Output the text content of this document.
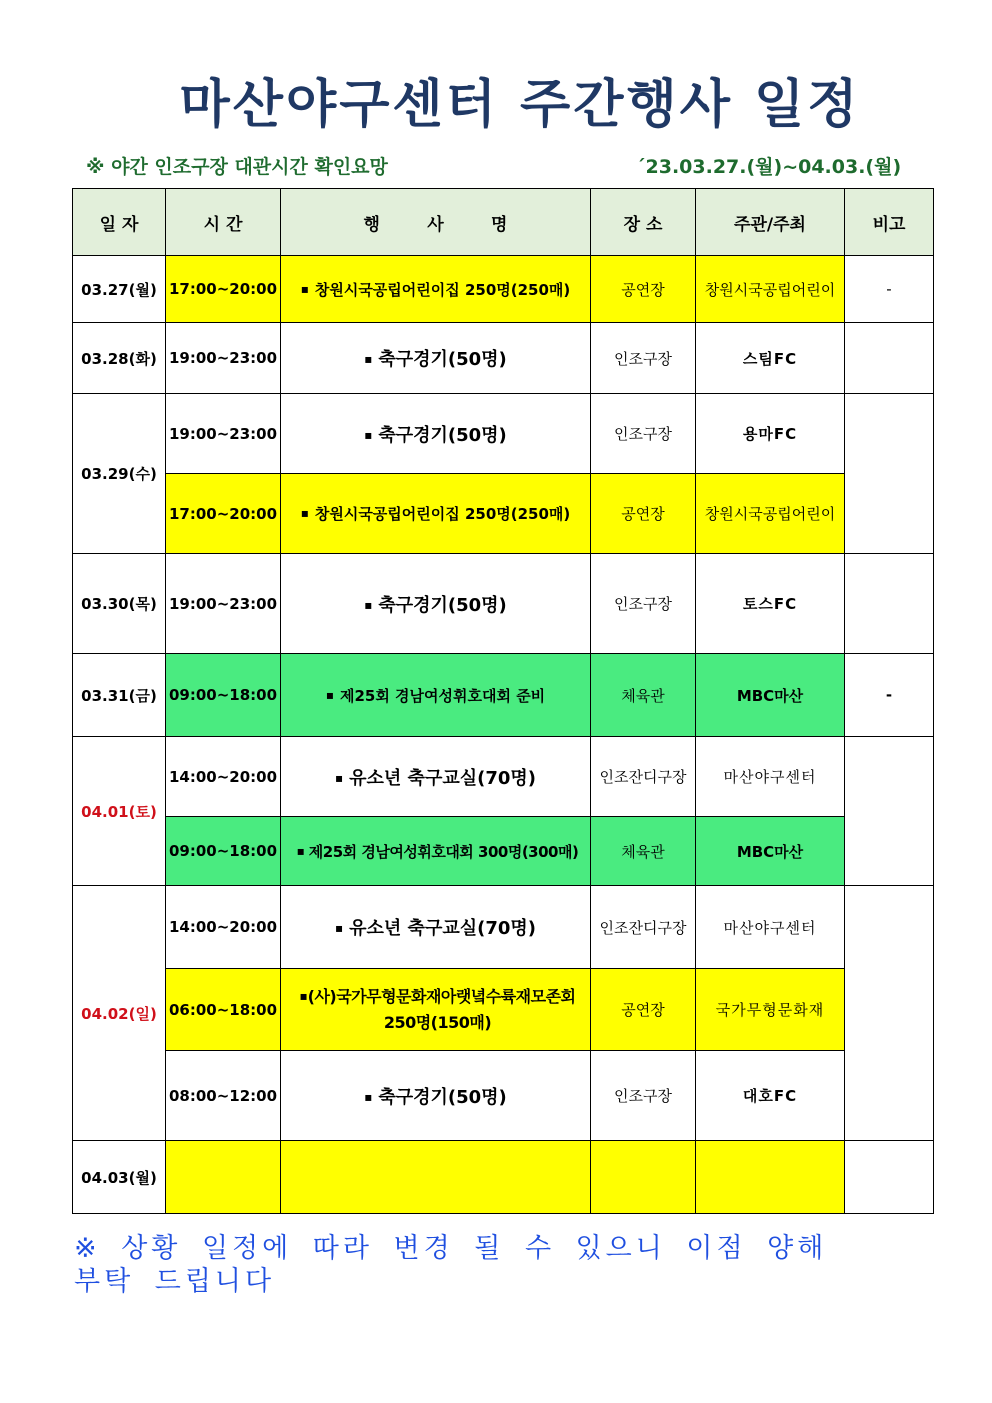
마산야구센터 주간행사 일정
※ 야간 인조구장 대관시간 확인요망	´23.03.27.(월)~04.03.(월)
일 자	시 간	행        사        명	장 소	주관/주최	비고
03.27(월)	17:00~20:00	▪ 창원시국공립어린이집 250명(250매)	공연장	창원시국공립어린이	-
03.28(화)	19:00~23:00	▪ 축구경기(50명)	인조구장	스팀FC	
03.29(수)	19:00~23:00	▪ 축구경기(50명)	인조구장	용마FC	
	17:00~20:00	▪ 창원시국공립어린이집 250명(250매)	공연장	창원시국공립어린이	
03.30(목)	19:00~23:00	▪ 축구경기(50명)	인조구장	토스FC	
03.31(금)	09:00~18:00	▪ 제25회 경남여성휘호대회 준비	체육관	MBC마산	-
04.01(토)	14:00~20:00	▪ 유소년 축구교실(70명)	인조잔디구장	마산야구센터	
	09:00~18:00	▪ 제25회 경남여성휘호대회 300명(300매)	체육관	MBC마산	
04.02(일)	14:00~20:00	▪ 유소년 축구교실(70명)	인조잔디구장	마산야구센터	
	06:00~18:00	▪(사)국가무형문화재아랫녘수륙재모존회 250명(150매)	공연장	국가무형문화재	
	08:00~12:00	▪ 축구경기(50명)	인조구장	대호FC	
04.03(월)					
※ 상황 일정에 따라 변경 될 수 있으니 이점 양해 부탁 드립니다
